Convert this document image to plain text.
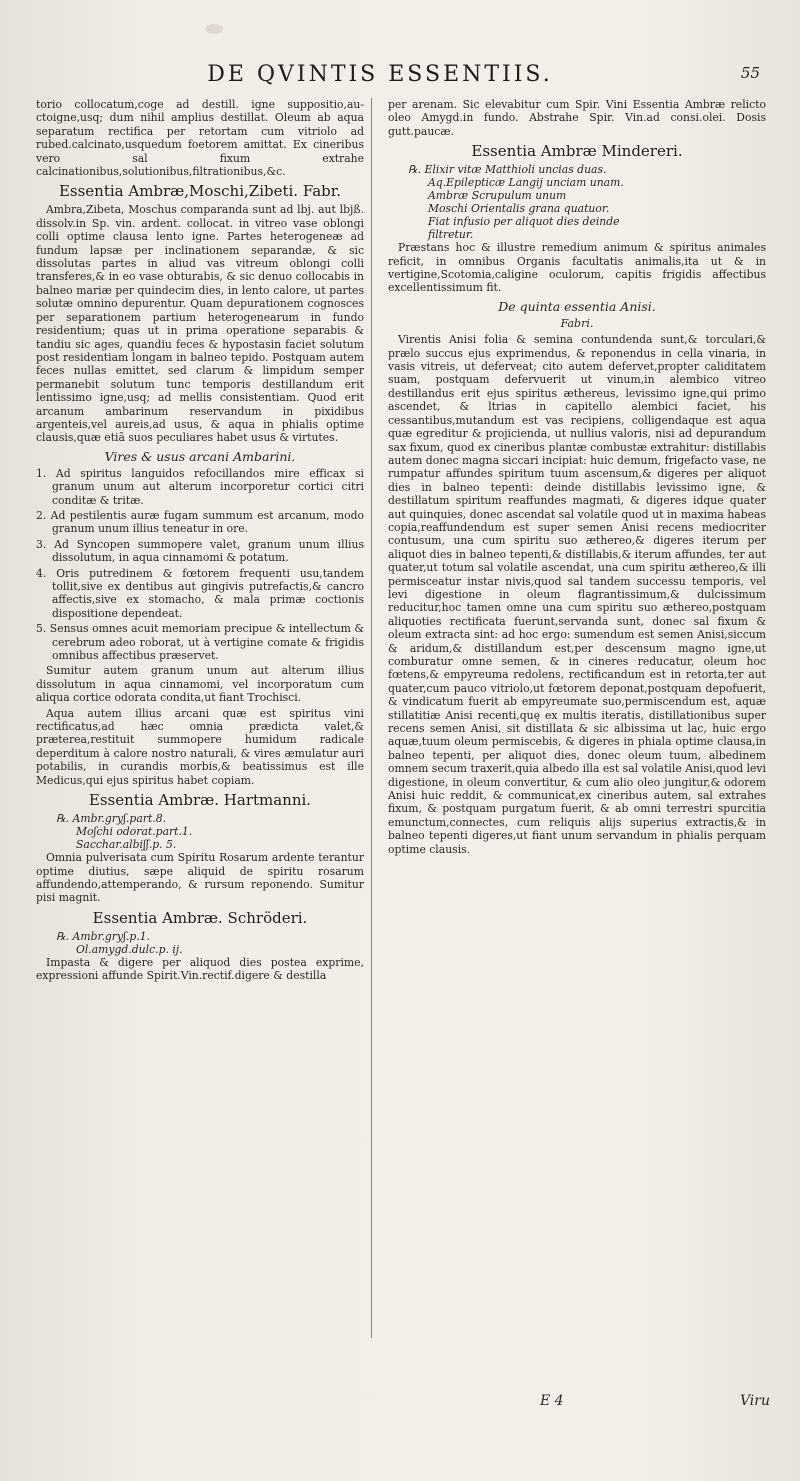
DE QVINTIS ESSENTIIS.	55

torio collocatum,coge ad destill. igne suppositio,au-ctoigne,usq; dum nihil amplius destillat. Oleum ab aqua separatum rectifica per retortam cum vitriolo ad rubed.calcinato,usquedum foetorem amittat. Ex cineribus vero sal fixum extrahe calcinationibus,solutionibus,filtrationibus,&c.

Essentia Ambræ,Moschi,Zibeti. Fabr.

Ambra,Zibeta, Moschus comparanda sunt ad lbj. aut lbjß. dissolv.in Sp. vin. ardent. collocat. in vitreo vase oblongi colli optime clausa lento igne. Partes heterogeneæ ad fundum lapsæ per inclinationem separandæ, & sic dissolutas partes in aliud vas vitreum oblongi colli transferes,& in eo vase obturabis, & sic denuo collocabis in balneo mariæ per quindecim dies, in lento calore, ut partes solutæ omnino depurentur. Quam depurationem cognosces per separationem partium heterogenearum in fundo residentium; quas ut in prima operatione separabis & tandiu sic ages, quandiu feces & hypostasin faciet solutum post residentiam longam in balneo tepido. Postquam autem feces nullas emittet, sed clarum & limpidum semper permanebit solutum tunc temporis destillandum erit lentissimo igne,usq; ad mellis consistentiam. Quod erit arcanum ambarinum reservandum in pixidibus argenteis,vel aureis,ad usus, & aqua in phialis optime clausis,quæ etiã suos peculiares habet usus & virtutes.

Vires & usus arcani Ambarini.

1. Ad spiritus languidos refocillandos mire efficax si granum unum aut alterum incorporetur cortici citri conditæ & tritæ.

2. Ad pestilentis auræ fugam summum est arcanum, modo granum unum illius teneatur in ore.

3. Ad Syncopen summopere valet, granum unum illius dissolutum, in aqua cinnamomi & potatum.

4. Oris putredinem & fœtorem frequenti usu,tandem tollit,sive ex dentibus aut gingivis putrefactis,& cancro affectis,sive ex stomacho, & mala primæ coctionis dispositione dependeat.

5. Sensus omnes acuit memoriam precipue & intellectum & cerebrum adeo roborat, ut à vertigine comate & frigidis omnibus affectibus præservet.

Sumitur autem granum unum aut alterum illius dissolutum in aqua cinnamomi, vel incorporatum cum aliqua cortice odorata condita,ut fiant Trochisci.

Aqua autem illius arcani quæ est spiritus vini rectificatus,ad hæc omnia prædicta valet,& præterea,restituit summopere humidum radicale deperditum à calore nostro naturali, & vires æmulatur auri potabilis, in curandis morbis,& beatissimus est ille Medicus,qui ejus spiritus habet copiam.

Essentia Ambræ. Hartmanni.
℞. Ambr.gryʃ.part.8.
Moʃchi odorat.part.1.
Sacchar.albiʃʃ.p. 5.

Omnia pulverisata cum Spiritu Rosarum ardente terantur optime diutius, sæpe aliquid de spiritu rosarum affundendo,attemperando, & rursum reponendo. Sumitur pisi magnit.

Essentia Ambræ. Schröderi.
℞. Ambr.gryʃ.p.1.
Ol.amygd.dulc.p. ij.

Impasta & digere per aliquod dies postea exprime, expressioni affunde Spirit.Vin.rectif.digere & destilla

per arenam. Sic elevabitur cum Spir. Vini Essentia Ambræ relicto oleo Amygd.in fundo. Abstrahe Spir. Vin.ad consi.olei. Dosis gutt.paucæ.

Essentia Ambræ Mindereri.
℞. Elixir vitæ Matthioli uncias duas.
Aq.Epilepticæ Langij unciam unam.
Ambræ Scrupulum unum
Moschi Orientalis grana quatuor.
Fiat infusio per aliquot dies deinde
filtretur.

Præstans hoc & illustre remedium animum & spiritus animales reficit, in omnibus Organis facultatis animalis,ita ut & in vertigine,Scotomia,caligine oculorum, capitis frigidis affectibus excellentissimum fit.

De quinta essentia Anisi.
Fabri.

Virentis Anisi folia & semina contundenda sunt,& torculari,& prælo succus ejus exprimendus, & reponendus in cella vinaria, in vasis vitreis, ut deferveat; cito autem defervet,propter caliditatem suam, postquam defervuerit ut vinum,in alembico vitreo destillandus erit ejus spiritus æthereus, levissimo igne,qui primo ascendet, & ltrias in capitello alembici faciet, his cessantibus,mutandum est vas recipiens, colligendaque est aqua quæ egreditur & projicienda, ut nullius valoris, nisi ad depurandum sax fixum, quod ex cineribus plantæ combustæ extrahitur: distillabis autem donec magna siccari incipiat: huic demum, frigefacto vase, ne rumpatur affundes spiritum tuum ascensum,& digeres per aliquot dies in balneo tepenti: deinde distillabis levissimo igne, & destillatum spiritum reaffundes magmati, & digeres idque quater aut quinquies, donec ascendat sal volatile quod ut in maxima habeas copia,reaffundendum est super semen Anisi recens mediocriter contusum, una cum spiritu suo æthereo,& digeres iterum per aliquot dies in balneo tepenti,& distillabis,& iterum affundes, ter aut quater,ut totum sal volatile ascendat, una cum spiritu æthereo,& illi permisceatur instar nivis,quod sal tandem successu temporis, vel levi digestione in oleum flagrantissimum,& dulcissimum reducitur,hoc tamen omne una cum spiritu suo æthereo,postquam aliquoties rectificata fuerunt,servanda sunt, donec sal fixum & oleum extracta sint: ad hoc ergo: sumendum est semen Anisi,siccum & aridum,& distillandum est,per descensum magno igne,ut comburatur omne semen, & in cineres reducatur, oleum hoc fœtens,& empyreuma redolens, rectificandum est in retorta,ter aut quater,cum pauco vitriolo,ut fœtorem deponat,postquam depofuerit, & vindicatum fuerit ab empyreumate suo,permiscendum est, aquæ stillatitiæ Anisi recenti,quę ex multis iteratis, distillationibus super recens semen Anisi, sit distillata & sic albissima ut lac, huic ergo aquæ,tuum oleum permiscebis, & digeres in phiala optime clausa,in balneo tepenti, per aliquot dies, donec oleum tuum, albedinem omnem secum traxerit,quia albedo illa est sal volatile Anisi,quod levi digestione, in oleum convertitur, & cum alio oleo jungitur,& odorem Anisi huic reddit, & communicat,ex cineribus autem, sal extrahes fixum, & postquam purgatum fuerit, & ab omni terrestri spurcitia emunctum,connectes, cum reliquis alijs superius extractis,& in balneo tepenti digeres,ut fiant unum servandum in phialis perquam optime clausis.

E 4	Viru
